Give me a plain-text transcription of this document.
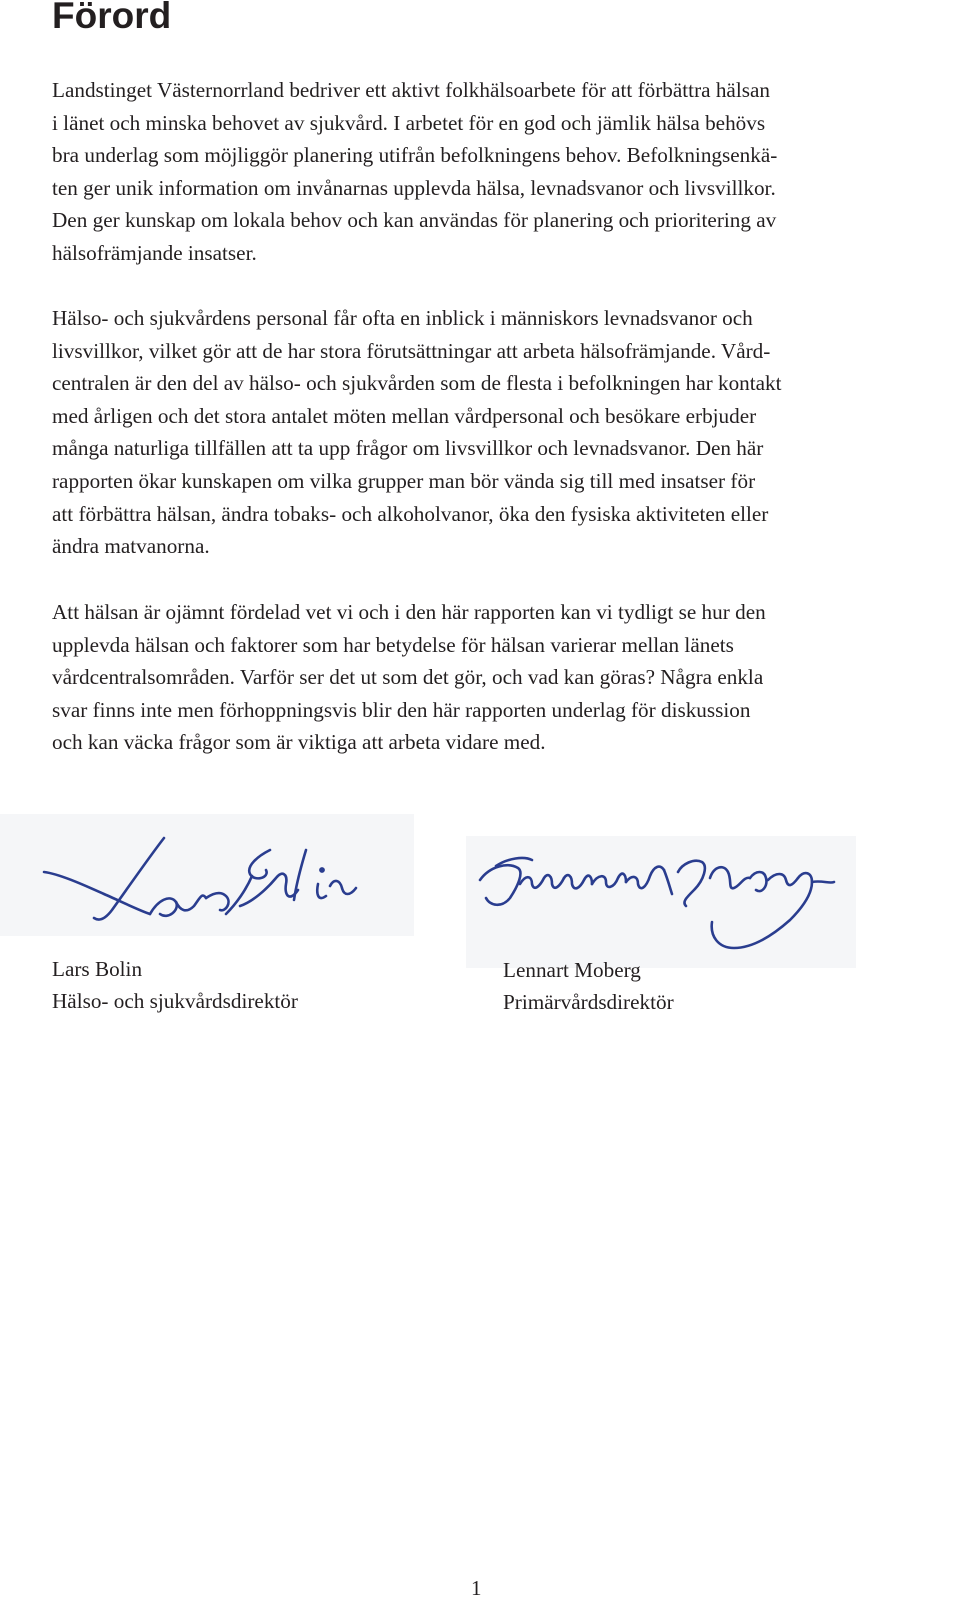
Förord
Landstinget Västernorrland bedriver ett aktivt folkhälsoarbete för att förbättra hälsan
i länet och minska behovet av sjukvård. I arbetet för en god och jämlik hälsa behövs
bra underlag som möjliggör planering utifrån befolkningens behov. Befolkningsenkä-
ten ger unik information om invånarnas upplevda hälsa, levnadsvanor och livsvillkor.
Den ger kunskap om lokala behov och kan användas för planering och prioritering av
hälsofrämjande insatser.
Hälso- och sjukvårdens personal får ofta en inblick i människors levnadsvanor och
livsvillkor, vilket gör att de har stora förutsättningar att arbeta hälsofrämjande. Vård-
centralen är den del av hälso- och sjukvården som de flesta i befolkningen har kontakt
med årligen och det stora antalet möten mellan vårdpersonal och besökare erbjuder
många naturliga tillfällen att ta upp frågor om livsvillkor och levnadsvanor. Den här
rapporten ökar kunskapen om vilka grupper man bör vända sig till med insatser för
att förbättra hälsan, ändra tobaks- och alkoholvanor, öka den fysiska aktiviteten eller
ändra matvanorna.
Att hälsan är ojämnt fördelad vet vi och i den här rapporten kan vi tydligt se hur den
upplevda hälsan och faktorer som har betydelse för hälsan varierar mellan länets
vårdcentralsområden. Varför ser det ut som det gör, och vad kan göras? Några enkla
svar finns inte men förhoppningsvis blir den här rapporten underlag för diskussion
och kan väcka frågor som är viktiga att arbeta vidare med.

Lars Bolin

Hälso- och sjukvårdsdirektör

Lennart Moberg

Primärvårdsdirektör

1
